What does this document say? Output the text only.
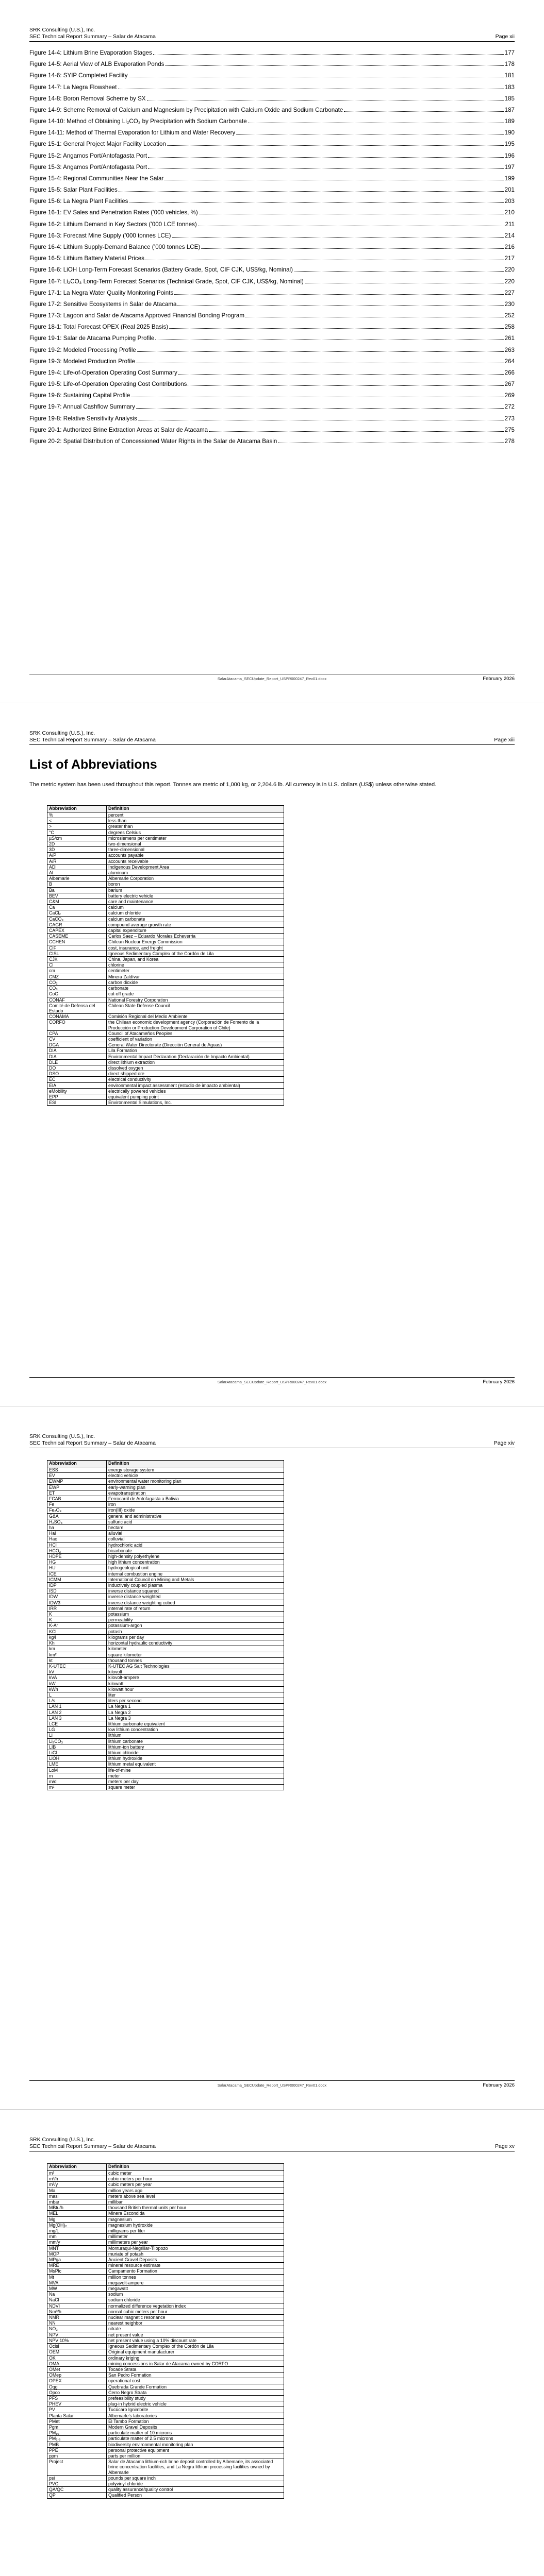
SRK Consulting (U.S.), Inc.
SEC Technical Report Summary – Salar de Atacama	Page xii
Figure 14-4: Lithium Brine Evaporation Stages	177
Figure 14-5: Aerial View of ALB Evaporation Ponds	178
Figure 14-6: SYIP Completed Facility	181
Figure 14-7: La Negra Flowsheet	183
Figure 14-8: Boron Removal Scheme by SX	185
Figure 14-9: Scheme Removal of Calcium and Magnesium by Precipitation with Calcium Oxide and Sodium Carbonate	187
Figure 14-10: Method of Obtaining Li₂CO₃ by Precipitation with Sodium Carbonate	189
Figure 14-11: Method of Thermal Evaporation for Lithium and Water Recovery	190
Figure 15-1: General Project Major Facility Location	195
Figure 15-2: Angamos Port/Antofagasta Port	196
Figure 15-3: Angamos Port/Antofagasta Port	197
Figure 15-4: Regional Communities Near the Salar	199
Figure 15-5: Salar Plant Facilities	201
Figure 15-6: La Negra Plant Facilities	203
Figure 16-1: EV Sales and Penetration Rates (’000 vehicles, %)	210
Figure 16-2: Lithium Demand in Key Sectors (’000 LCE tonnes)	211
Figure 16-3: Forecast Mine Supply (’000 tonnes LCE)	214
Figure 16-4: Lithium Supply-Demand Balance (’000 tonnes LCE)	216
Figure 16-5: Lithium Battery Material Prices	217
Figure 16-6: LiOH Long-Term Forecast Scenarios (Battery Grade, Spot, CIF CJK, US$/kg, Nominal)	220
Figure 16-7: Li₂CO₃ Long-Term Forecast Scenarios (Technical Grade, Spot, CIF CJK, US$/kg, Nominal)	220
Figure 17-1: La Negra Water Quality Monitoring Points	227
Figure 17-2: Sensitive Ecosystems in Salar de Atacama	230
Figure 17-3: Lagoon and Salar de Atacama Approved Financial Bonding Program	252
Figure 18-1: Total Forecast OPEX (Real 2025 Basis)	258
Figure 19-1: Salar de Atacama Pumping Profile	261
Figure 19-2: Modeled Processing Profile	263
Figure 19-3: Modeled Production Profile	264
Figure 19-4: Life-of-Operation Operating Cost Summary	266
Figure 19-5: Life-of-Operation Operating Cost Contributions	267
Figure 19-6: Sustaining Capital Profile	269
Figure 19-7: Annual Cashflow Summary	272
Figure 19-8: Relative Sensitivity Analysis	273
Figure 20-1: Authorized Brine Extraction Areas at Salar de Atacama	275
Figure 20-2: Spatial Distribution of Concessioned Water Rights in the Salar de Atacama Basin	278
SalarAtacama_SECUpdate_Report_USPR000247_Rev01.docx	February 2026
SRK Consulting (U.S.), Inc.
SEC Technical Report Summary – Salar de Atacama	Page xiii
List of Abbreviations
The metric system has been used throughout this report. Tonnes are metric of 1,000 kg, or 2,204.6 lb. All currency is in U.S. dollars (US$) unless otherwise stated.
Abbreviation	Definition
%	percent
<	less than
>	greater than
°C	degrees Celsius
µS/cm	microsiemens per centimeter
2D	two-dimensional
3D	three-dimensional
A/P	accounts payable
A/R	accounts receivable
ADI	Indigenous Development Area
Al	aluminum
Albemarle	Albemarle Corporation
B	boron
Ba	barium
BEV	battery electric vehicle
C&M	care and maintenance
Ca	calcium
CaCl₂	calcium chloride
CaCO₃	calcium carbonate
CAGR	compound average growth rate
CAPEX	capital expenditure
CASEME	Carlos Saez – Eduardo Morales Echeverria
CCHEN	Chilean Nuclear Energy Commission
CIF	cost, insurance, and freight
CISL	Igneous Sedimentary Complex of the Cordón de Lila
CJK	China, Japan, and Korea
Cl	chlorine
cm	centimeter
CMZ	Minera Zaldívar
CO₂	carbon dioxide
CO₃	carbonate
CoG	cut-off grade
CONAF	National Forestry Corporation
Comité de Defensa del Estado	Chilean State Defense Council
CONAMA	Comisión Regional del Medio Ambiente
CORFO	the Chilean economic development agency (Corporación de Fomento de la Producción or Production Development Corporation of Chile)
CPA	Council of Atacameños Peoples
CV	coefficient of variation
DGA	General Water Directorate (Dirección General de Aguas)
DIA	Lila Formation
DIA	Environmental Impact Declaration (Declaración de Impacto Ambiental)
DLE	direct lithium extraction
DO	dissolved oxygen
DSO	direct shipped ore
EC	electrical conductivity
EIA	environmental impact assessment (estudio de impacto ambiental)
eMobility	electrically powered vehicles
EPP	equivalent pumping point
ESI	Environmental Simulations, Inc.
SalarAtacama_SECUpdate_Report_USPR000247_Rev01.docx	February 2026
SRK Consulting (U.S.), Inc.
SEC Technical Report Summary – Salar de Atacama	Page xiv
Abbreviation	Definition
ESS	energy storage system
EV	electric vehicle
EWMP	environmental water monitoring plan
EWP	early-warning plan
ET	evapotranspiration
FCAB	Ferrocarril de Antofagasta a Bolivia
Fe	iron
Fe₂O₃	iron(III) oxide
G&A	general and administrative
H₂SO₄	sulfuric acid
ha	hectare
Hal	alluvial
Hac	colluvial
HCl	hydrochloric acid
HCO₃	bicarbonate
HDPE	high-density polyethylene
HG	high lithium concentration
HU	hydrogeological unit
ICE	internal combustion engine
ICMM	International Council on Mining and Metals
IDP	inductively coupled plasma
ISD	inverse distance squared
IDW	inverse distance weighted
IDW3	inverse distance weighting cubed
IRR	internal rate of return
K	potassium
K	permeability
K-Ar	potassium-argon
KCl	potash
kg/l	kilograms per day
Kh	horizontal hydraulic conductivity
km	kilometer
km²	square kilometer
kt	thousand tonnes
K-UTEC	K-UTEC AG Salt Technologies
kV	kilovolt
kVA	kilovolt-ampere
kW	kilowatt
kWh	kilowatt hour
L	liter
L/s	liters per second
LAN 1	La Negra 1
LAN 2	La Negra 2
LAN 3	La Negra 3
LCE	lithium carbonate equivalent
LG	low lithium concentration
Li	lithium
Li₂CO₃	lithium carbonate
LIB	lithium-ion battery
LiCl	lithium chloride
LiOH	lithium hydroxide
LME	lithium metal equivalent
LoM	life-of-mine
m	meter
m/d	meters per day
m²	square meter
SalarAtacama_SECUpdate_Report_USPR000247_Rev01.docx	February 2026
SRK Consulting (U.S.), Inc.
SEC Technical Report Summary – Salar de Atacama	Page xv
Abbreviation	Definition
m³	cubic meter
m³/h	cubic meters per hour
m³/y	cubic meters per year
Ma	million years ago
masl	meters above sea level
mbar	millibar
MBtu/h	thousand British thermal units per hour
MEL	Minera Escondida
Mg	magnesium
Mg(OH)₂	magnesium hydroxide
mg/L	milligrams per liter
mm	millimeter
mm/y	millimeters per year
MNT	Monturaqui-Negrillar-Tilopozo
MOP	muriate of potash
MPga	Ancient Gravel Deposits
MRE	mineral resource estimate
MsPlc	Campamento Formation
Mt	million tonnes
MVA	megavolt-ampere
MW	megawatt
Na	sodium
NaCl	sodium chloride
NDVI	normalized difference vegetation index
Nm³/h	normal cubic meters per hour
NMR	nuclear magnetic resonance
NN	nearest neighbor
NO₃	nitrate
NPV	net present value
NPV 10%	net present value using a 10% discount rate
Ocisl	Igneous Sedimentary Complex of the Cordón de Lila
OEM	Original equipment manufacturer
OK	ordinary kriging
OMA	mining concessions in Salar de Atacama owned by CORFO
OMet	Tocade Strata
OMep	San Pedro Formation
OPEX	operational cost
Oqg	Quebrada Grande Formation
Opco	Cerro Negro Strata
PFS	prefeasibility study
PHEV	plug-in hybrid electric vehicle
PV	Tucúcaro Ignimbrite
Planta Salar	Albemarle’s laboratories
PMet	El Tambo Formation
Pgm	Modern Gravel Deposits
PM₁₀	particulate matter of 10 microns
PM₂.₅	particulate matter of 2.5 microns
PMB	biodiversity environmental monitoring plan
PPE	personal protective equipment
ppm	parts per million
Project	Salar de Atacama lithium-rich brine deposit controlled by Albemarle, its associated brine concentration facilities, and La Negra lithium processing facilities owned by Albemarle
psi	pounds per square inch
PVC	polyvinyl chloride
QA/QC	quality assurance/quality control
QP	Qualified Person
